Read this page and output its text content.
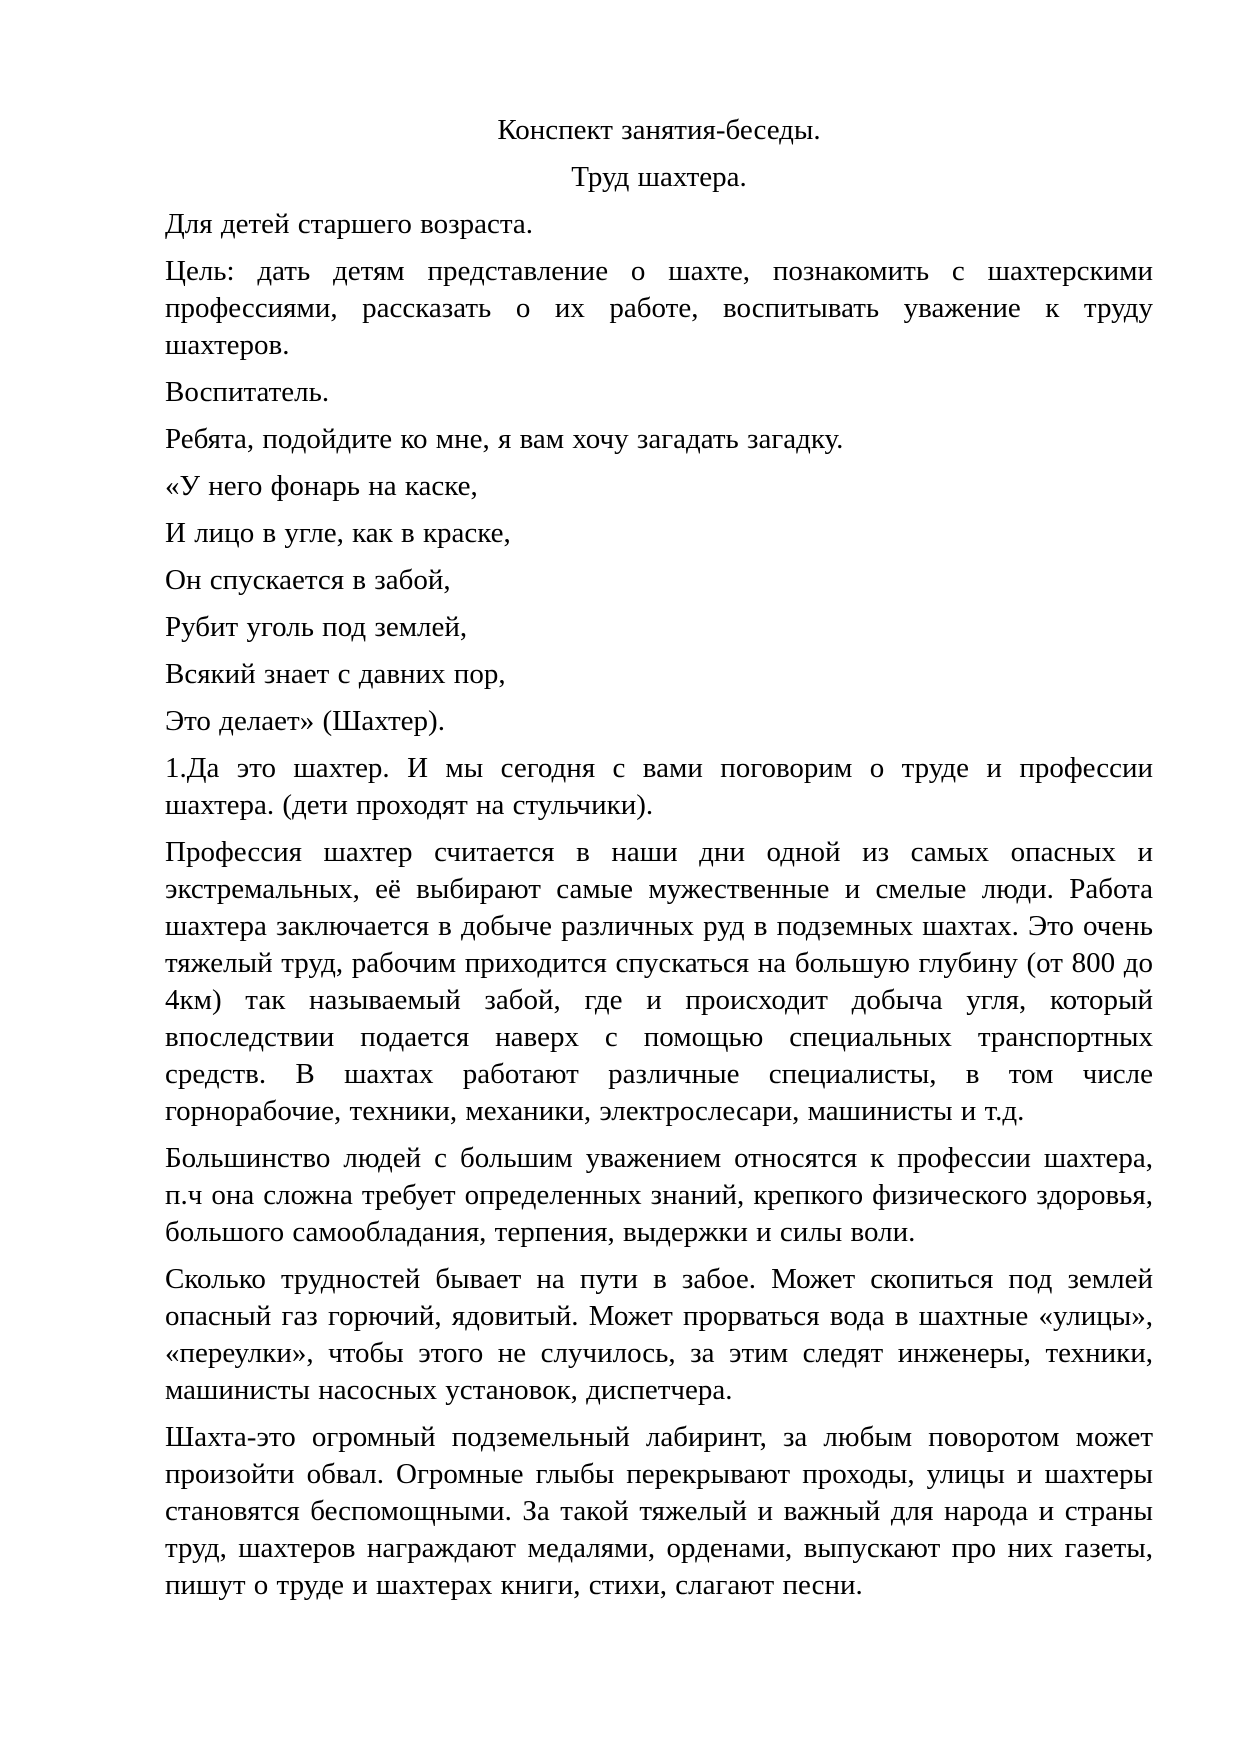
Конспект занятия-беседы.

Труд шахтера.

Для детей старшего возраста.

Цель: дать детям представление о шахте, познакомить с шахтерскими профессиями, рассказать о их работе, воспитывать уважение к труду шахтеров.

Воспитатель.

Ребята, подойдите ко мне, я вам хочу загадать загадку.

«У него фонарь на каске,

И лицо в угле, как в краске,

Он спускается в забой,

Рубит уголь под землей,

Всякий знает с давних пор,

Это делает» (Шахтер).

1.Да это шахтер. И мы сегодня с вами поговорим о труде и профессии шахтера. (дети проходят на стульчики).

Профессия шахтер считается в наши дни одной из самых опасных и экстремальных, её выбирают самые мужественные и смелые люди. Работа шахтера заключается в добыче различных руд в подземных шахтах. Это очень тяжелый труд, рабочим приходится спускаться на большую глубину (от 800 до 4км) так называемый забой, где и происходит добыча угля, который впоследствии подается наверх с помощью специальных транспортных средств. В шахтах работают различные специалисты, в том числе горнорабочие, техники, механики, электрослесари, машинисты и т.д.

Большинство людей с большим уважением относятся к профессии шахтера, п.ч она сложна требует определенных знаний, крепкого физического здоровья, большого самообладания, терпения, выдержки и силы воли.

Сколько трудностей бывает на пути в забое. Может скопиться под землей опасный газ горючий, ядовитый. Может прорваться вода в шахтные «улицы», «переулки», чтобы этого не случилось, за этим следят инженеры, техники, машинисты насосных установок, диспетчера.

Шахта-это огромный подземельный лабиринт, за любым поворотом может произойти обвал. Огромные глыбы перекрывают проходы, улицы и шахтеры становятся беспомощными. За такой тяжелый и важный для народа и страны труд, шахтеров награждают медалями, орденами, выпускают про них газеты, пишут о труде и шахтерах книги, стихи, слагают песни.
